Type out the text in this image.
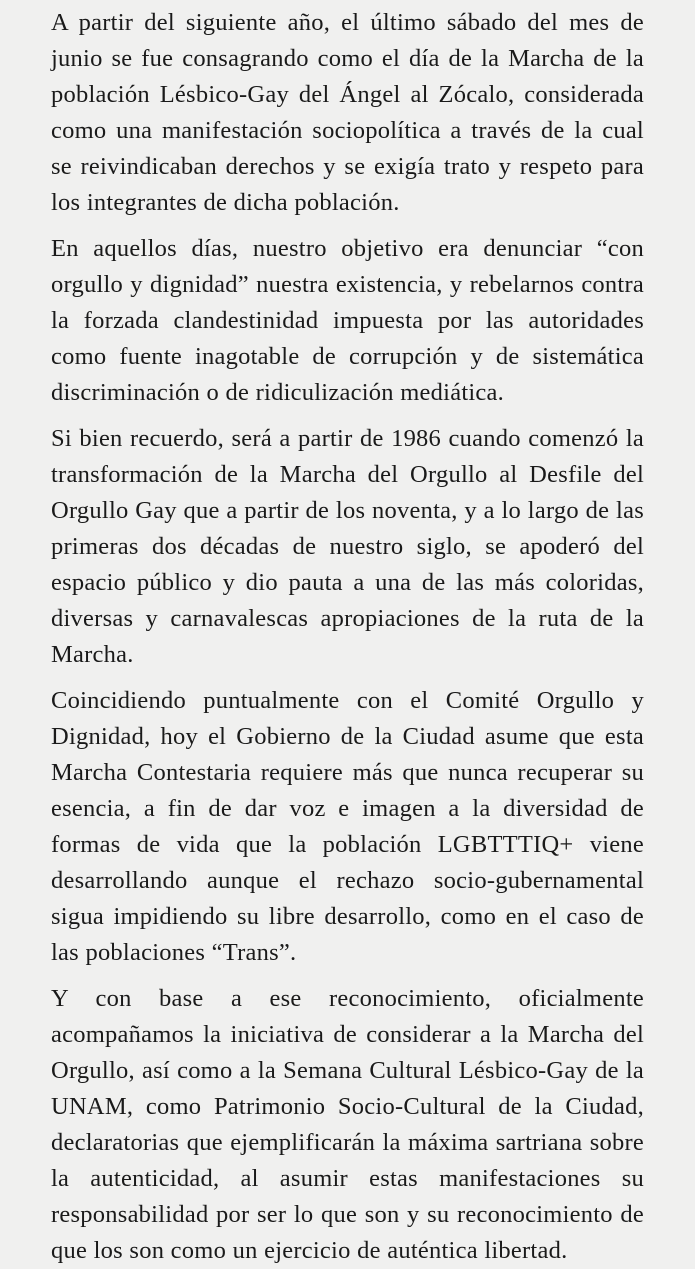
A partir del siguiente año, el último sábado del mes de junio se fue consagrando como el día de la Marcha de la población Lésbico-Gay del Ángel al Zócalo, considerada como una manifestación sociopolítica a través de la cual se reivindicaban derechos y se exigía trato y respeto para los integrantes de dicha población.

En aquellos días, nuestro objetivo era denunciar “con orgullo y dignidad” nuestra existencia, y rebelarnos contra la forzada clandestinidad impuesta por las autoridades como fuente inagotable de corrupción y de sistemática discriminación o de ridiculización mediática.

Si bien recuerdo, será a partir de 1986 cuando comenzó la transformación de la Marcha del Orgullo al Desfile del Orgullo Gay que a partir de los noventa, y a lo largo de las primeras dos décadas de nuestro siglo, se apoderó del espacio público y dio pauta a una de las más coloridas, diversas y carnavalescas apropiaciones de la ruta de la Marcha.

Coincidiendo puntualmente con el Comité Orgullo y Dignidad, hoy el Gobierno de la Ciudad asume que esta Marcha Contestaria requiere más que nunca recuperar su esencia, a fin de dar voz e imagen a la diversidad de formas de vida que la población LGBTTTIQ+ viene desarrollando aunque el rechazo socio-gubernamental sigua impidiendo su libre desarrollo, como en el caso de las poblaciones “Trans”.

Y con base a ese reconocimiento, oficialmente acompañamos la iniciativa de considerar a la Marcha del Orgullo, así como a la Semana Cultural Lésbico-Gay de la UNAM, como Patrimonio Socio-Cultural de la Ciudad, declaratorias que ejemplificarán la máxima sartriana sobre la autenticidad, al asumir estas manifestaciones su responsabilidad por ser lo que son y su reconocimiento de que los son como un ejercicio de auténtica libertad.
